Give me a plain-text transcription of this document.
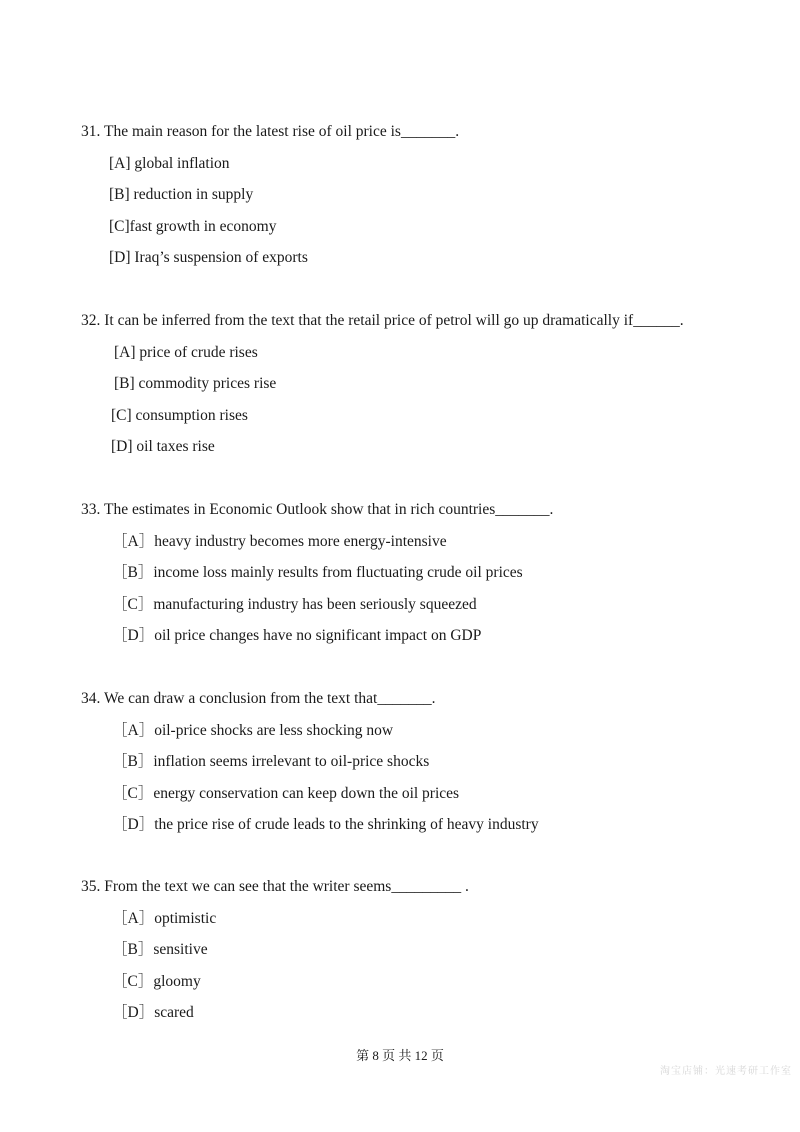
31. The main reason for the latest rise of oil price is_______.
[A] global inflation
[B] reduction in supply
[C]fast growth in economy
[D] Iraq’s suspension of exports
32. It can be inferred from the text that the retail price of petrol will go up dramatically if______.
[A] price of crude rises
[B] commodity prices rise
[C] consumption rises
[D] oil taxes rise
33. The estimates in Economic Outlook show that in rich countries_______.
［A］heavy industry becomes more energy-intensive
［B］income loss mainly results from fluctuating crude oil prices
［C］manufacturing industry has been seriously squeezed
［D］oil price changes have no significant impact on GDP
34. We can draw a conclusion from the text that_______.
［A］oil-price shocks are less shocking now
［B］inflation seems irrelevant to oil-price shocks
［C］energy conservation can keep down the oil prices
［D］the price rise of crude leads to the shrinking of heavy industry
35. From the text we can see that the writer seems_________ .
［A］optimistic
［B］sensitive
［C］gloomy
［D］scared
第 8 页 共 12 页
淘宝店铺：光速考研工作室
